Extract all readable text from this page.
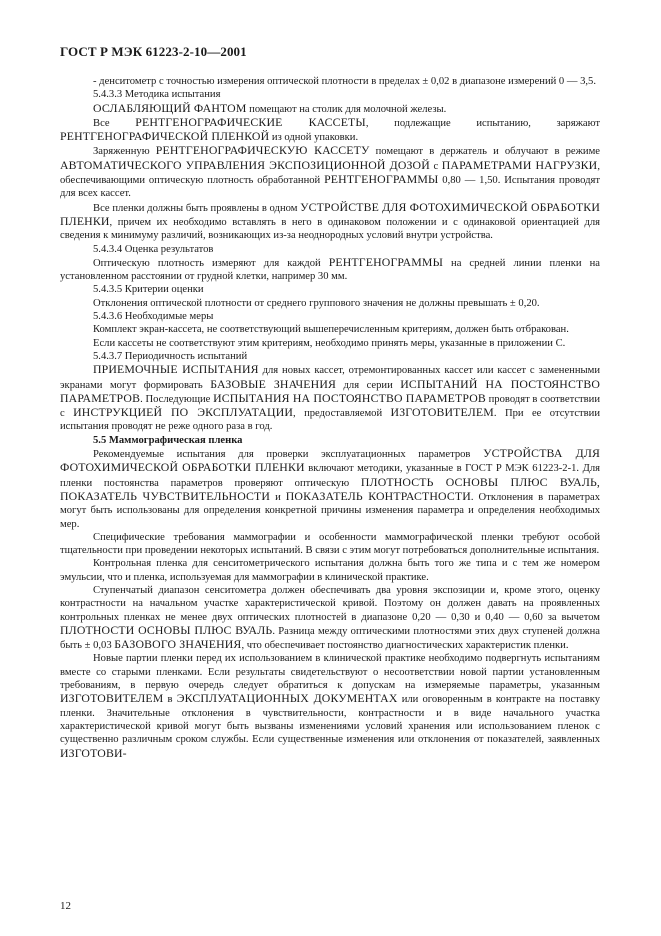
ГОСТ Р МЭК 61223-2-10—2001

- денситометр с точностью измерения оптической плотности в пределах ± 0,02 в диапазоне измерений 0 — 3,5.

5.4.3.3 Методика испытания

ОСЛАБЛЯЮЩИЙ ФАНТОМ помещают на столик для молочной железы.

Все РЕНТГЕНОГРАФИЧЕСКИЕ КАССЕТЫ, подлежащие испытанию, заряжают РЕНТГЕНОГРАФИЧЕСКОЙ ПЛЕНКОЙ из одной упаковки.

Заряженную РЕНТГЕНОГРАФИЧЕСКУЮ КАССЕТУ помещают в держатель и облучают в режиме АВТОМАТИЧЕСКОГО УПРАВЛЕНИЯ ЭКСПОЗИЦИОННОЙ ДОЗОЙ с ПАРАМЕТРАМИ НАГРУЗКИ, обеспечивающими оптическую плотность обработанной РЕНТГЕНОГРАММЫ 0,80 — 1,50. Испытания проводят для всех кассет.

Все пленки должны быть проявлены в одном УСТРОЙСТВЕ ДЛЯ ФОТОХИМИЧЕСКОЙ ОБРАБОТКИ ПЛЕНКИ, причем их необходимо вставлять в него в одинаковом положении и с одинаковой ориентацией для сведения к минимуму различий, возникающих из-за неоднородных условий внутри устройства.

5.4.3.4 Оценка результатов

Оптическую плотность измеряют для каждой РЕНТГЕНОГРАММЫ на средней линии пленки на установленном расстоянии от грудной клетки, например 30 мм.

5.4.3.5 Критерии оценки

Отклонения оптической плотности от среднего группового значения не должны превышать ± 0,20.

5.4.3.6 Необходимые меры

Комплект экран-кассета, не соответствующий вышеперечисленным критериям, должен быть отбракован.

Если кассеты не соответствуют этим критериям, необходимо принять меры, указанные в приложении С.

5.4.3.7 Периодичность испытаний

ПРИЕМОЧНЫЕ ИСПЫТАНИЯ для новых кассет, отремонтированных кассет или кассет с замененными экранами могут формировать БАЗОВЫЕ ЗНАЧЕНИЯ для серии ИСПЫТАНИЙ НА ПОСТОЯНСТВО ПАРАМЕТРОВ. Последующие ИСПЫТАНИЯ НА ПОСТОЯНСТВО ПАРАМЕТРОВ проводят в соответствии с ИНСТРУКЦИЕЙ ПО ЭКСПЛУАТАЦИИ, предоставляемой ИЗГОТОВИТЕЛЕМ. При ее отсутствии испытания проводят не реже одного раза в год.

5.5 Маммографическая пленка

Рекомендуемые испытания для проверки эксплуатационных параметров УСТРОЙСТВА ДЛЯ ФОТОХИМИЧЕСКОЙ ОБРАБОТКИ ПЛЕНКИ включают методики, указанные в ГОСТ Р МЭК 61223-2-1. Для пленки постоянства параметров проверяют оптическую ПЛОТНОСТЬ ОСНОВЫ ПЛЮС ВУАЛЬ, ПОКАЗАТЕЛЬ ЧУВСТВИТЕЛЬНОСТИ и ПОКАЗАТЕЛЬ КОНТРАСТНОСТИ. Отклонения в параметрах могут быть использованы для определения конкретной причины изменения параметра и определения необходимых мер.

Специфические требования маммографии и особенности маммографической пленки требуют особой тщательности при проведении некоторых испытаний. В связи с этим могут потребоваться дополнительные испытания.

Контрольная пленка для сенситометрического испытания должна быть того же типа и с тем же номером эмульсии, что и пленка, используемая для маммографии в клинической практике.

Ступенчатый диапазон сенситометра должен обеспечивать два уровня экспозиции и, кроме этого, оценку контрастности на начальном участке характеристической кривой. Поэтому он должен давать на проявленных контрольных пленках не менее двух оптических плотностей в диапазоне 0,20 — 0,30 и 0,40 — 0,60 за вычетом ПЛОТНОСТИ ОСНОВЫ ПЛЮС ВУАЛЬ. Разница между оптическими плотностями этих двух ступеней должна быть ± 0,03 БАЗОВОГО ЗНАЧЕНИЯ, что обеспечивает постоянство диагностических характеристик пленки.

Новые партии пленки перед их использованием в клинической практике необходимо подвергнуть испытаниям вместе со старыми пленками. Если результаты свидетельствуют о несоответствии новой партии установленным требованиям, в первую очередь следует обратиться к допускам на измеряемые параметры, указанным ИЗГОТОВИТЕЛЕМ в ЭКСПЛУАТАЦИОННЫХ ДОКУМЕНТАХ или оговоренным в контракте на поставку пленки. Значительные отклонения в чувствительности, контрастности и в виде начального участка характеристической кривой могут быть вызваны изменениями условий хранения или использованием пленок с существенно различным сроком службы. Если существенные изменения или отклонения от показателей, заявленных ИЗГОТОВИ-

12
